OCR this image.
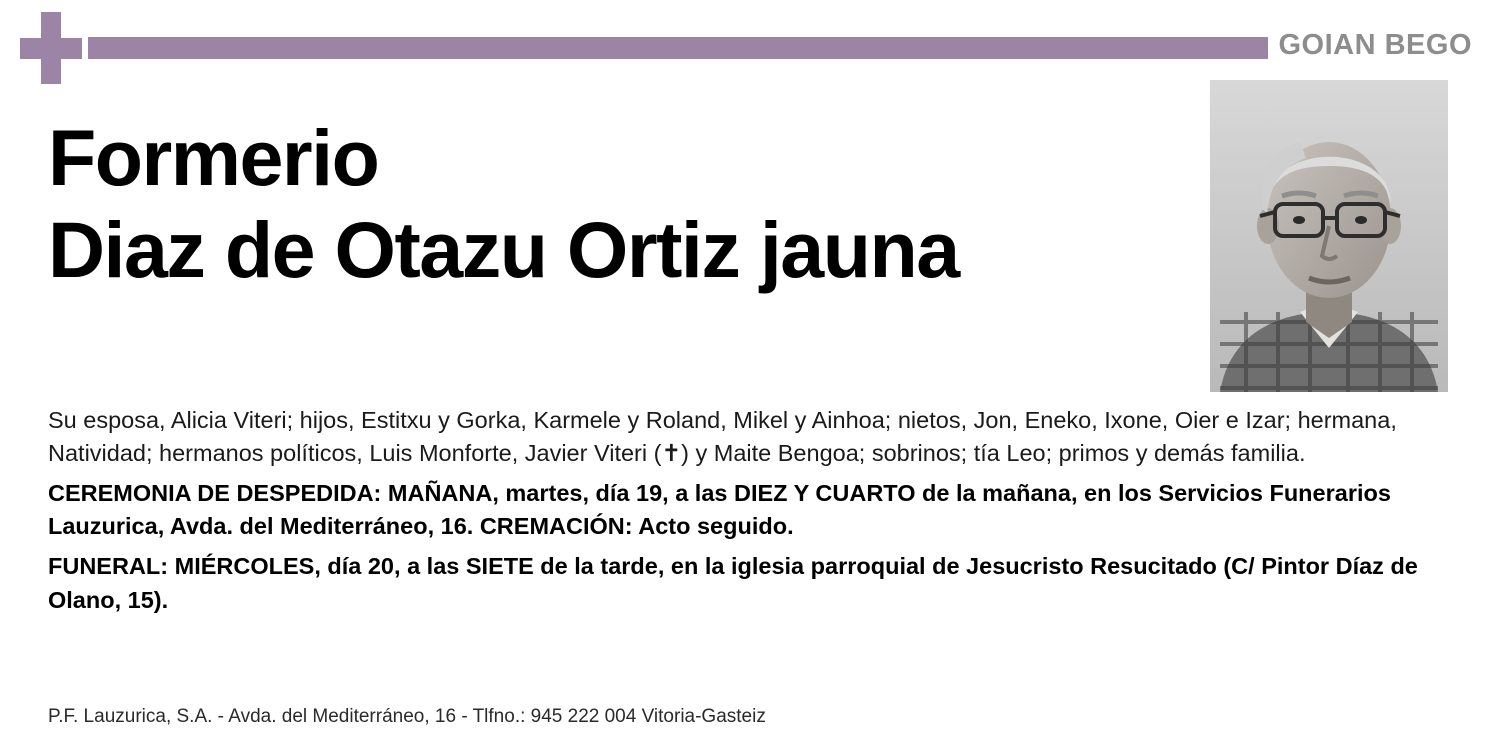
GOIAN BEGO
Formerio
Diaz de Otazu Ortiz jauna

Su esposa, Alicia Viteri; hijos, Estitxu y Gorka, Karmele y Roland, Mikel y Ainhoa; nietos, Jon, Eneko, Ixone, Oier e Izar; hermana, Natividad; hermanos políticos, Luis Monforte, Javier Viteri (✝) y Maite Bengoa; sobrinos; tía Leo; primos y demás familia.

CEREMONIA DE DESPEDIDA: MAÑANA, martes, día 19, a las DIEZ Y CUARTO de la mañana, en los Servicios Funerarios Lauzurica, Avda. del Mediterráneo, 16. CREMACIÓN: Acto seguido.

FUNERAL: MIÉRCOLES, día 20, a las SIETE de la tarde, en la iglesia parroquial de Jesucristo Resucitado (C/ Pintor Díaz de Olano, 15).

P.F. Lauzurica, S.A. - Avda. del Mediterráneo, 16 - Tlfno.: 945 222 004 Vitoria-Gasteiz
